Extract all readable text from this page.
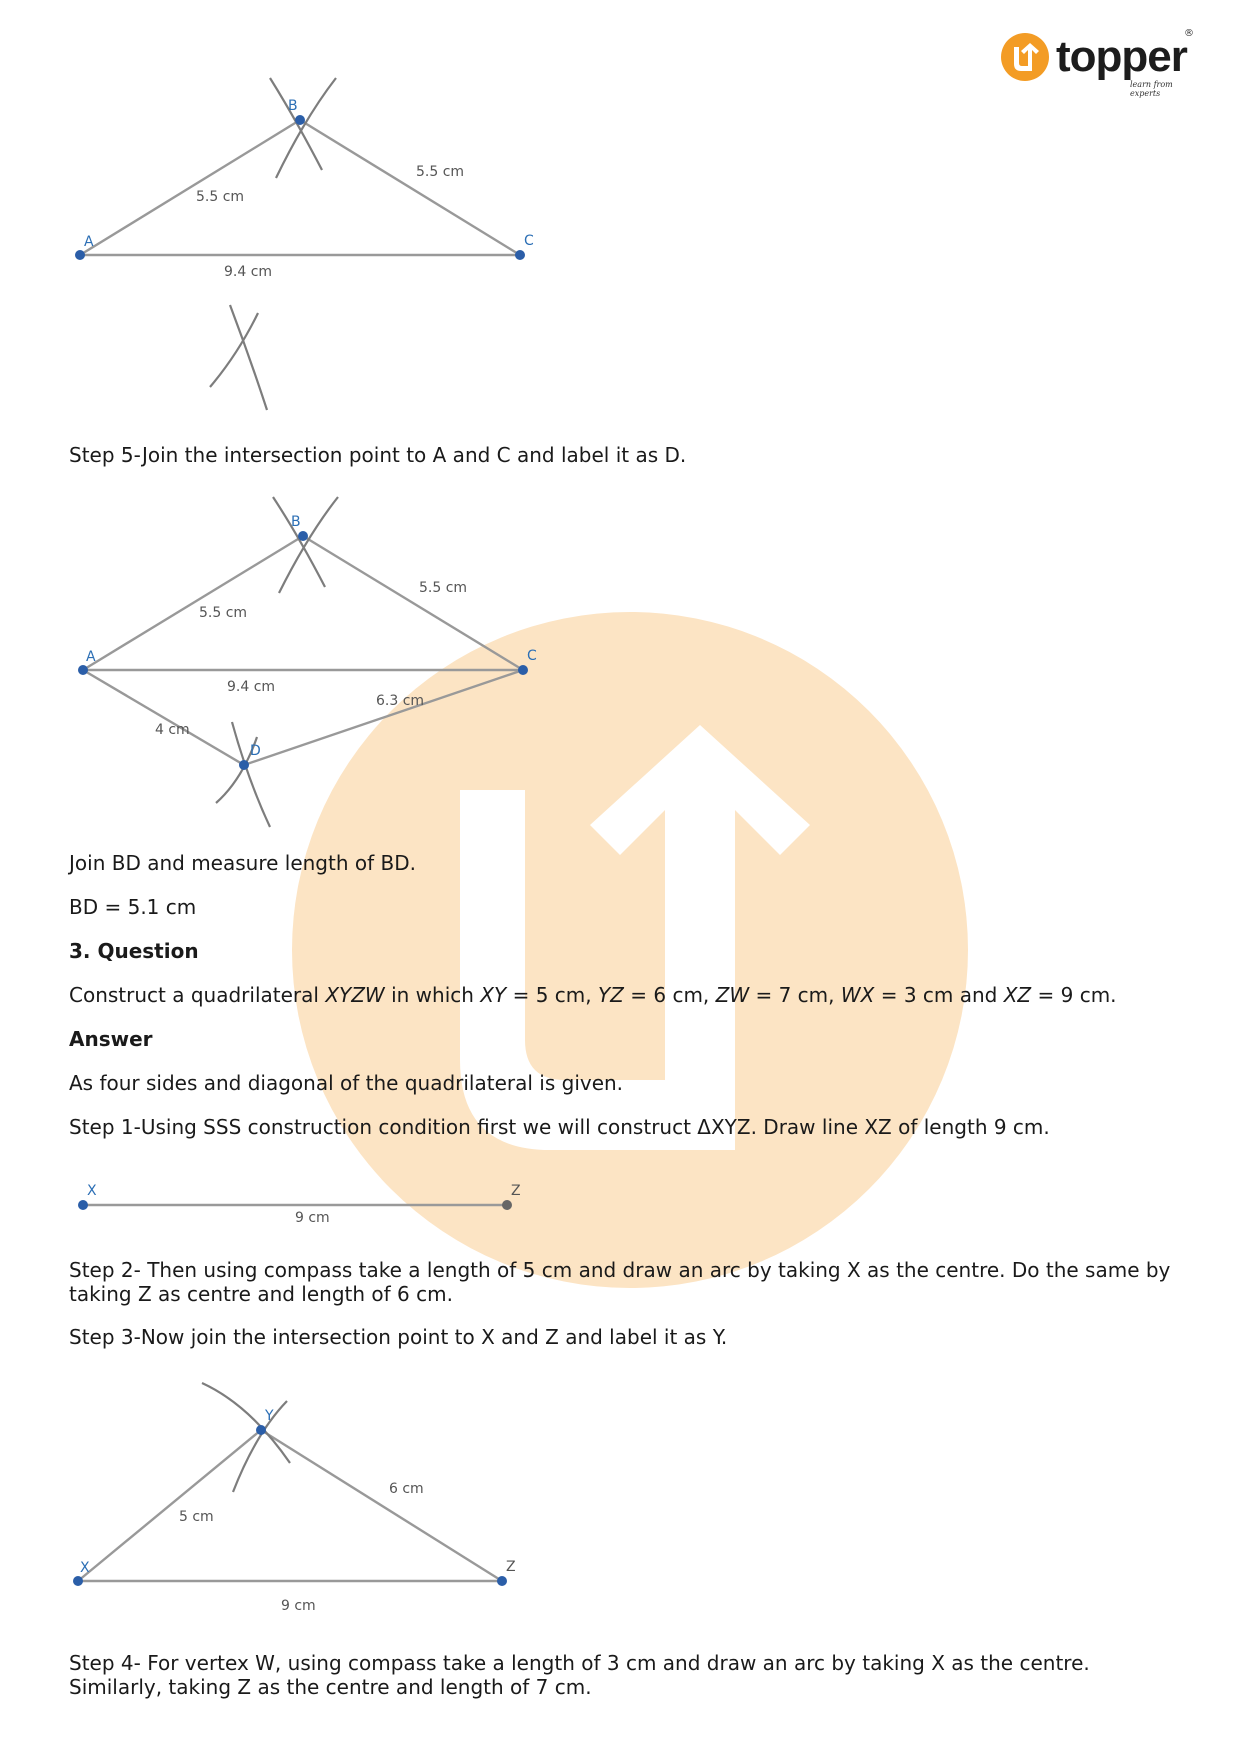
topper
learn from experts
®
A
B
C
5.5 cm
5.5 cm
9.4 cm
Step 5-Join the intersection point to A and C and label it as D.
A
B
C
D
5.5 cm
5.5 cm
9.4 cm
6.3 cm
4 cm
Join BD and measure length of BD.
BD = 5.1 cm
3. Question
Construct a quadrilateral XYZW in which XY = 5 cm, YZ = 6 cm, ZW = 7 cm, WX = 3 cm and XZ = 9 cm.
Answer
As four sides and diagonal of the quadrilateral is given.
Step 1-Using SSS construction condition first we will construct ΔXYZ. Draw line XZ of length 9 cm.
X	Z
9 cm
Step 2- Then using compass take a length of 5 cm and draw an arc by taking X as the centre. Do the same by taking Z as centre and length of 6 cm.
Step 3-Now join the intersection point to X and Z and label it as Y.
X
Y
Z
5 cm
6 cm
9 cm
Step 4- For vertex W, using compass take a length of 3 cm and draw an arc by taking X as the centre. Similarly, taking Z as the centre and length of 7 cm.
